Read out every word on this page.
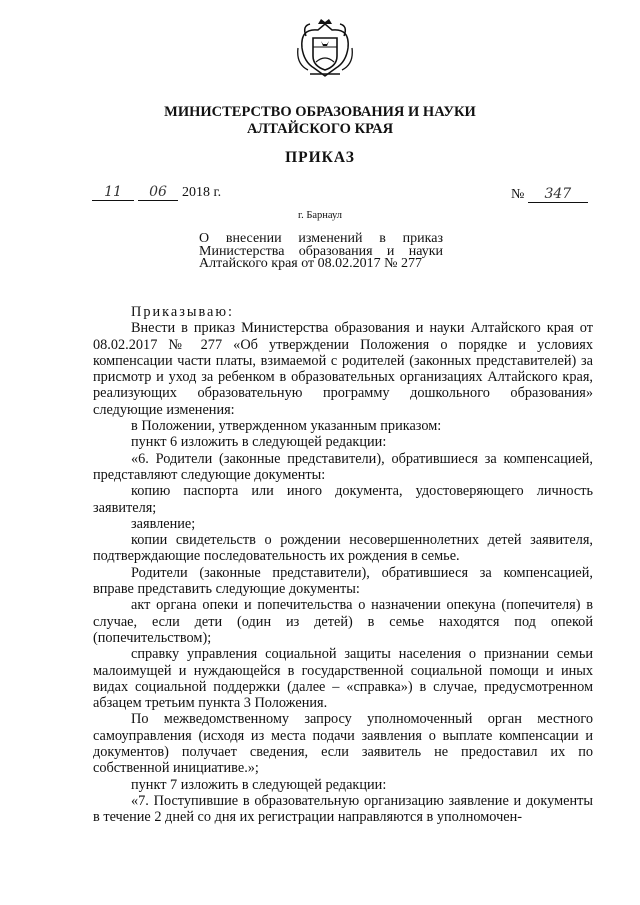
МИНИСТЕРСТВО ОБРАЗОВАНИЯ И НАУКИ
АЛТАЙСКОГО КРАЯ
ПРИКАЗ
11 06 2018 г.	№ 347
г. Барнаул
О внесении изменений в приказ
Министерства образования и науки
Алтайского края от 08.02.2017 № 277

Приказываю:

Внести в приказ Министерства образования и науки Алтайского края от 08.02.2017 № 277 «Об утверждении Положения о порядке и условиях компенсации части платы, взимаемой с родителей (законных представителей) за присмотр и уход за ребенком в образовательных организациях Алтайского края, реализующих образовательную программу дошкольного образования» следующие изменения:

в Положении, утвержденном указанным приказом:

пункт 6 изложить в следующей редакции:

«6. Родители (законные представители), обратившиеся за компенсацией, представляют следующие документы:

копию паспорта или иного документа, удостоверяющего личность заявителя;

заявление;

копии свидетельств о рождении несовершеннолетних детей заявителя, подтверждающие последовательность их рождения в семье.

Родители (законные представители), обратившиеся за компенсацией, вправе представить следующие документы:

акт органа опеки и попечительства о назначении опекуна (попечителя) в случае, если дети (один из детей) в семье находятся под опекой (попечительством);

справку управления социальной защиты населения о признании семьи малоимущей и нуждающейся в государственной социальной помощи и иных видах социальной поддержки (далее – «справка») в случае, предусмотренном абзацем третьим пункта 3 Положения.

По межведомственному запросу уполномоченный орган местного самоуправления (исходя из места подачи заявления о выплате компенсации и документов) получает сведения, если заявитель не предоставил их по собственной инициативе.»;

пункт 7 изложить в следующей редакции:

«7. Поступившие в образовательную организацию заявление и документы в течение 2 дней со дня их регистрации направляются в уполномочен-
